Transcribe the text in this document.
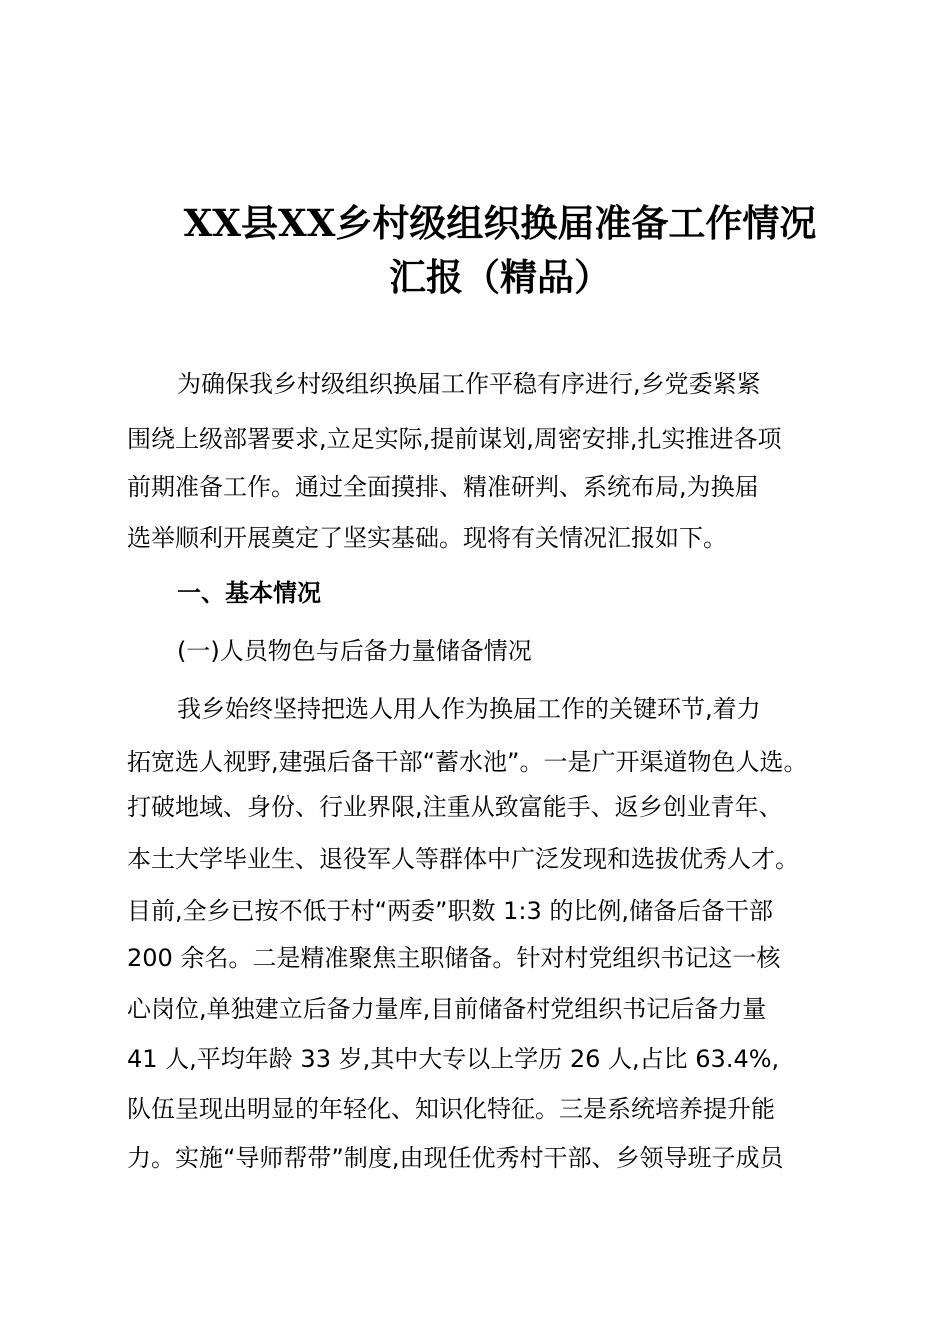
XX县XX乡村级组织换届准备工作情况
汇报（精品）
为确保我乡村级组织换届工作平稳有序进行,乡党委紧紧
围绕上级部署要求,立足实际,提前谋划,周密安排,扎实推进各项
前期准备工作。通过全面摸排、精准研判、系统布局,为换届
选举顺利开展奠定了坚实基础。现将有关情况汇报如下。
一、基本情况
(一)人员物色与后备力量储备情况
我乡始终坚持把选人用人作为换届工作的关键环节,着力
拓宽选人视野,建强后备干部“蓄水池”。一是广开渠道物色人选。
打破地域、身份、行业界限,注重从致富能手、返乡创业青年、
本土大学毕业生、退役军人等群体中广泛发现和选拔优秀人才。
目前,全乡已按不低于村“两委”职数 1:3 的比例,储备后备干部
200 余名。二是精准聚焦主职储备。针对村党组织书记这一核
心岗位,单独建立后备力量库,目前储备村党组织书记后备力量
41 人,平均年龄 33 岁,其中大专以上学历 26 人,占比 63.4%,
队伍呈现出明显的年轻化、知识化特征。三是系统培养提升能
力。实施“导师帮带”制度,由现任优秀村干部、乡领导班子成员
